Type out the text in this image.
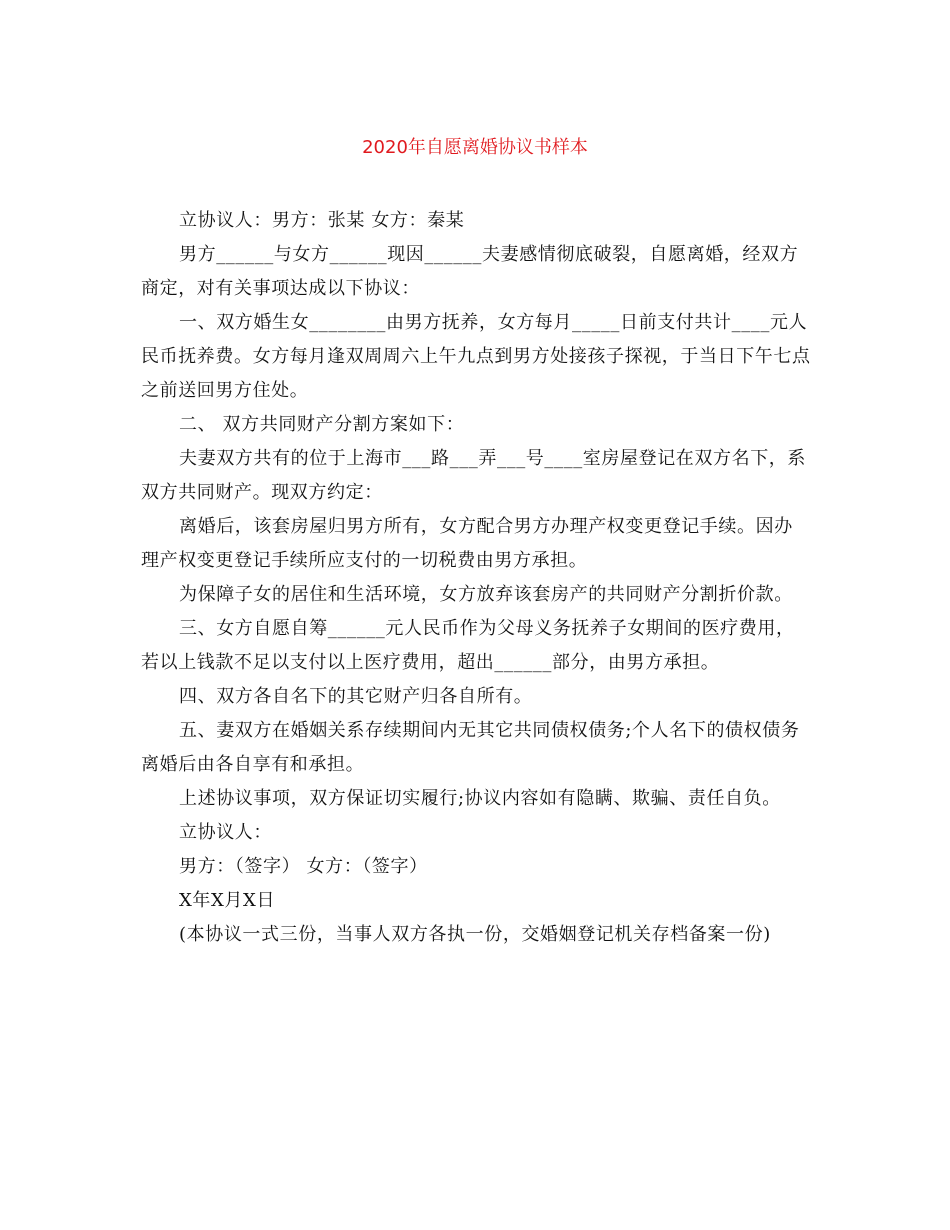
2020年自愿离婚协议书样本

立协议人：男方：张某 女方：秦某

男方______与女方______现因______夫妻感情彻底破裂，自愿离婚，经双方商定，对有关事项达成以下协议：

一、双方婚生女________由男方抚养，女方每月_____日前支付共计____元人民币抚养费。女方每月逢双周周六上午九点到男方处接孩子探视，于当日下午七点之前送回男方住处。

二、 双方共同财产分割方案如下：

夫妻双方共有的位于上海市___路___弄___号____室房屋登记在双方名下，系双方共同财产。现双方约定：

离婚后，该套房屋归男方所有，女方配合男方办理产权变更登记手续。因办理产权变更登记手续所应支付的一切税费由男方承担。

为保障子女的居住和生活环境，女方放弃该套房产的共同财产分割折价款。

三、女方自愿自筹______元人民币作为父母义务抚养子女期间的医疗费用，若以上钱款不足以支付以上医疗费用，超出______部分，由男方承担。

四、双方各自名下的其它财产归各自所有。

五、妻双方在婚姻关系存续期间内无其它共同债权债务;个人名下的债权债务离婚后由各自享有和承担。

上述协议事项，双方保证切实履行;协议内容如有隐瞒、欺骗、责任自负。

立协议人：

男方：（签字） 女方：（签字）

X年X月X日

(本协议一式三份，当事人双方各执一份，交婚姻登记机关存档备案一份)
